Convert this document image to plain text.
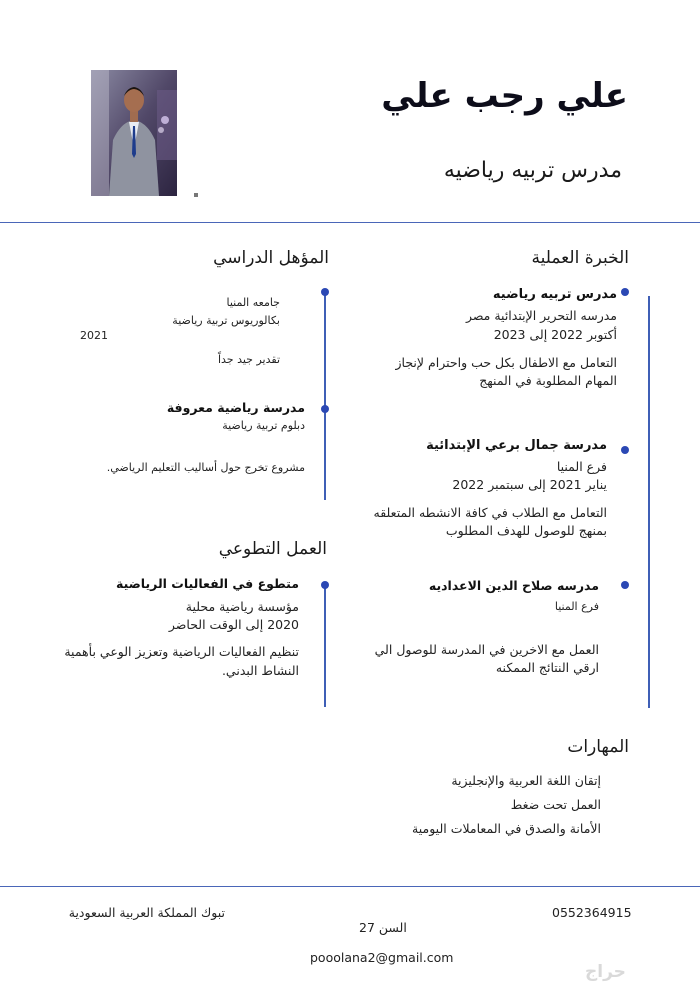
علي رجب علي
مدرس تربيه رياضيه
الخبرة العملية
مدرس تربيه رياضيه
مدرسه التحرير الإبتدائية مصر
أكتوبر 2022 إلى 2023
التعامل مع الاطفال بكل حب واحترام لإنجاز
المهام المطلوبة في المنهج
مدرسة جمال برعي الإبتدائية
فرع المنيا
يناير 2021 إلى سبتمبر 2022
التعامل مع الطلاب في كافة الانشطه المتعلقه
بمنهج للوصول للهدف المطلوب
مدرسه صلاح الدين الاعداديه
فرع المنيا
العمل مع الاخرين في المدرسة للوصول الي
ارقي النتائج الممكنه
المؤهل الدراسي
جامعه المنيا
بكالوريوس تربية رياضية
2021
تقدير جيد جداً
مدرسة رياضية معروفة
دبلوم تربية رياضية
مشروع تخرج حول أساليب التعليم الرياضي.
العمل التطوعي
متطوع في الفعاليات الرياضية
مؤسسة رياضية محلية
2020 إلى الوقت الحاضر
تنظيم الفعاليات الرياضية وتعزيز الوعي بأهمية
النشاط البدني.
المهارات
إتقان اللغة العربية والإنجليزية
العمل تحت ضغط
الأمانة والصدق في المعاملات اليومية
تبوك المملكة العربية السعودية	0552364915
السن 27
pooolana2@gmail.com
حراج
